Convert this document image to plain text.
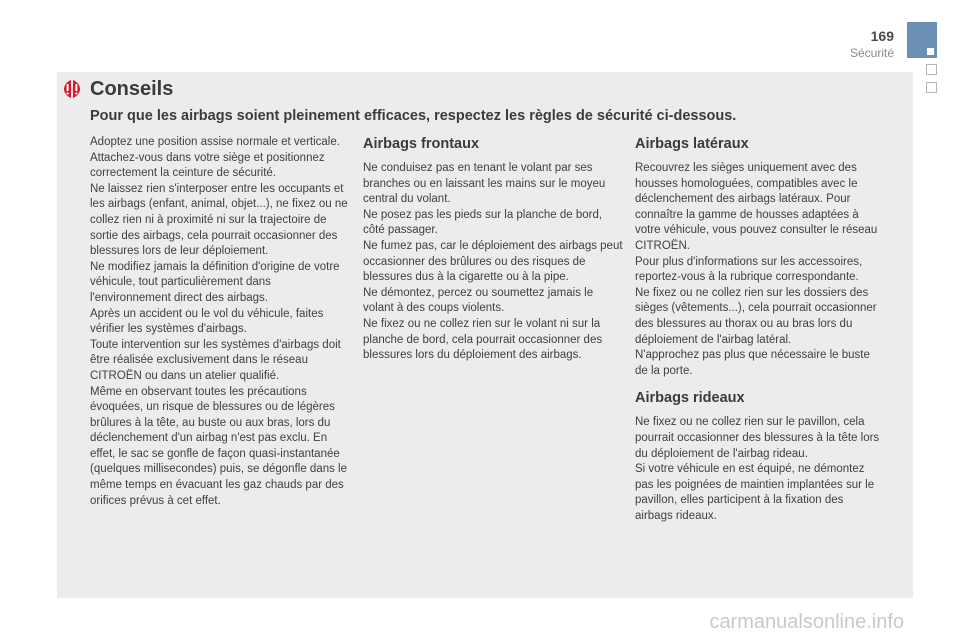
169
Sécurité
Conseils
Pour que les airbags soient pleinement efficaces, respectez les règles de sécurité ci-dessous.

Adoptez une position assise normale et verticale.

Attachez-vous dans votre siège et positionnez correctement la ceinture de sécurité.

Ne laissez rien s'interposer entre les occupants et les airbags (enfant, animal, objet...), ne fixez ou ne collez rien ni à proximité ni sur la trajectoire de sortie des airbags, cela pourrait occasionner des blessures lors de leur déploiement.

Ne modifiez jamais la définition d'origine de votre véhicule, tout particulièrement dans l'environnement direct des airbags.

Après un accident ou le vol du véhicule, faites vérifier les systèmes d'airbags.

Toute intervention sur les systèmes d'airbags doit être réalisée exclusivement dans le réseau CITROËN ou dans un atelier qualifié.

Même en observant toutes les précautions évoquées, un risque de blessures ou de légères brûlures à la tête, au buste ou aux bras, lors du déclenchement d'un airbag n'est pas exclu. En effet, le sac se gonfle de façon quasi-instantanée (quelques millisecondes) puis, se dégonfle dans le même temps en évacuant les gaz chauds par des orifices prévus à cet effet.

Airbags frontaux

Ne conduisez pas en tenant le volant par ses branches ou en laissant les mains sur le moyeu central du volant.

Ne posez pas les pieds sur la planche de bord, côté passager.

Ne fumez pas, car le déploiement des airbags peut occasionner des brûlures ou des risques de blessures dus à la cigarette ou à la pipe.

Ne démontez, percez ou soumettez jamais le volant à des coups violents.

Ne fixez ou ne collez rien sur le volant ni sur la planche de bord, cela pourrait occasionner des blessures lors du déploiement des airbags.

Airbags latéraux

Recouvrez les sièges uniquement avec des housses homologuées, compatibles avec le déclenchement des airbags latéraux. Pour connaître la gamme de housses adaptées à votre véhicule, vous pouvez consulter le réseau CITROËN.

Pour plus d'informations sur les accessoires, reportez-vous à la rubrique correspondante.

Ne fixez ou ne collez rien sur les dossiers des sièges (vêtements...), cela pourrait occasionner des blessures au thorax ou au bras lors du déploiement de l'airbag latéral.

N'approchez pas plus que nécessaire le buste de la porte.

Airbags rideaux

Ne fixez ou ne collez rien sur le pavillon, cela pourrait occasionner des blessures à la tête lors du déploiement de l'airbag rideau.

Si votre véhicule en est équipé, ne démontez pas les poignées de maintien implantées sur le pavillon, elles participent à la fixation des airbags rideaux.

carmanualsonline.info
